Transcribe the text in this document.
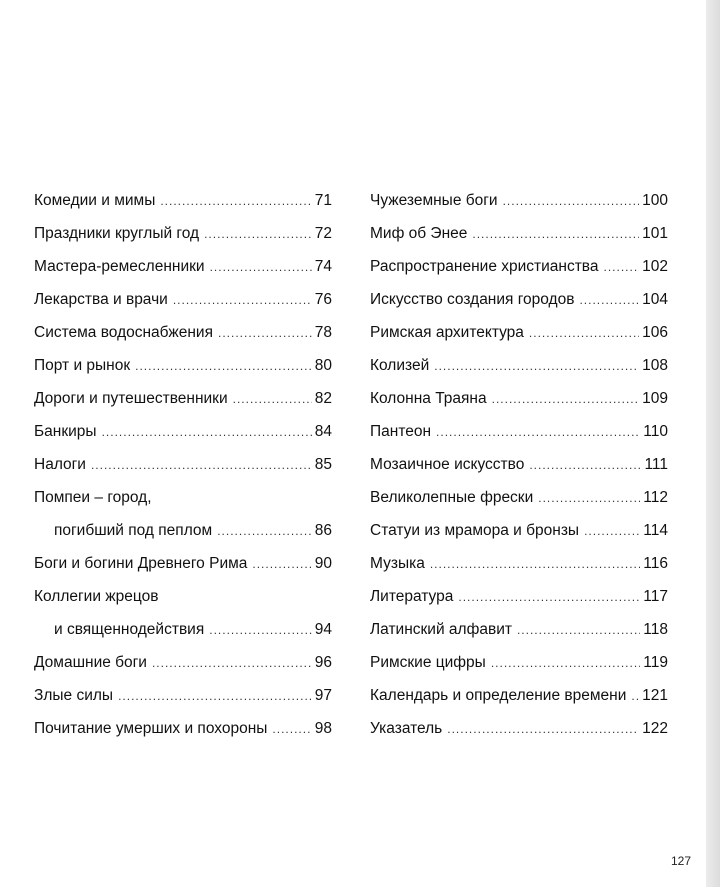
Комедии и мимы .....	71
Праздники круглый год .....	72
Мастера-ремесленники .....	74
Лекарства и врачи .....	76
Система водоснабжения .....	78
Порт и рынок .....	80
Дороги и путешественники .....	82
Банкиры .....	84
Налоги .....	85
Помпеи – город,
погибший под пеплом .....	86
Боги и богини Древнего Рима .....	90
Коллегии жрецов
и священнодействия .....	94
Домашние боги .....	96
Злые силы .....	97
Почитание умерших и похороны .....	98
Чужеземные боги .....	100
Миф об Энее .....	101
Распространение христианства .....	102
Искусство создания городов .....	104
Римская архитектура .....	106
Колизей .....	108
Колонна Траяна .....	109
Пантеон .....	110
Мозаичное искусство .....	111
Великолепные фрески .....	112
Статуи из мрамора и бронзы .....	114
Музыка .....	116
Литература .....	117
Латинский алфавит .....	118
Римские цифры .....	119
Календарь и определение времени ..... 121
Указатель .....	122
127
